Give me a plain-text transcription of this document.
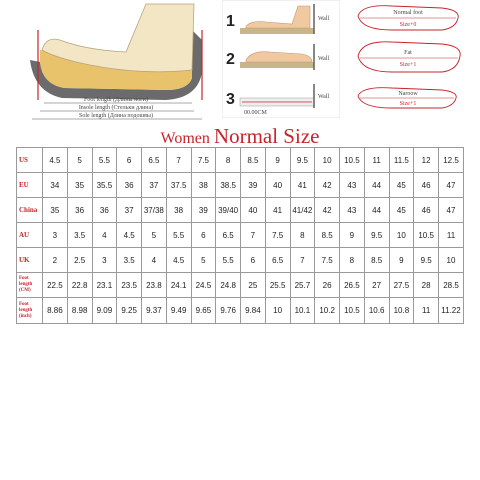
Foot length (Длины ноги)
Insole length (Стельки длина)
Sole length (Длина подошвы)
1	Wall
2	Wall
3	Wall
00.00CM
Normal foot
Size+0
Fat
Size+1
Naroow
Size+1
Women Normal Size
US	4.5	5	5.5	6	6.5	7	7.5	8	8.5	9	9.5	10	10.5	11	11.5	12	12.5
EU	34	35	35.5	36	37	37.5	38	38.5	39	40	41	42	43	44	45	46	47
China	35	36	36	37	37/38	38	39	39/40	40	41	41/42	42	43	44	45	46	47
AU	3	3.5	4	4.5	5	5.5	6	6.5	7	7.5	8	8.5	9	9.5	10	10.5	11
UK	2	2.5	3	3.5	4	4.5	5	5.5	6	6.5	7	7.5	8	8.5	9	9.5	10
Foot length (CM)	22.5	22.8	23.1	23.5	23.8	24.1	24.5	24.8	25	25.5	25.7	26	26.5	27	27.5	28	28.5
Foot length (inch)	8.86	8.98	9.09	9.25	9.37	9.49	9.65	9.76	9.84	10	10.1	10.2	10.5	10.6	10.8	11	11.22
